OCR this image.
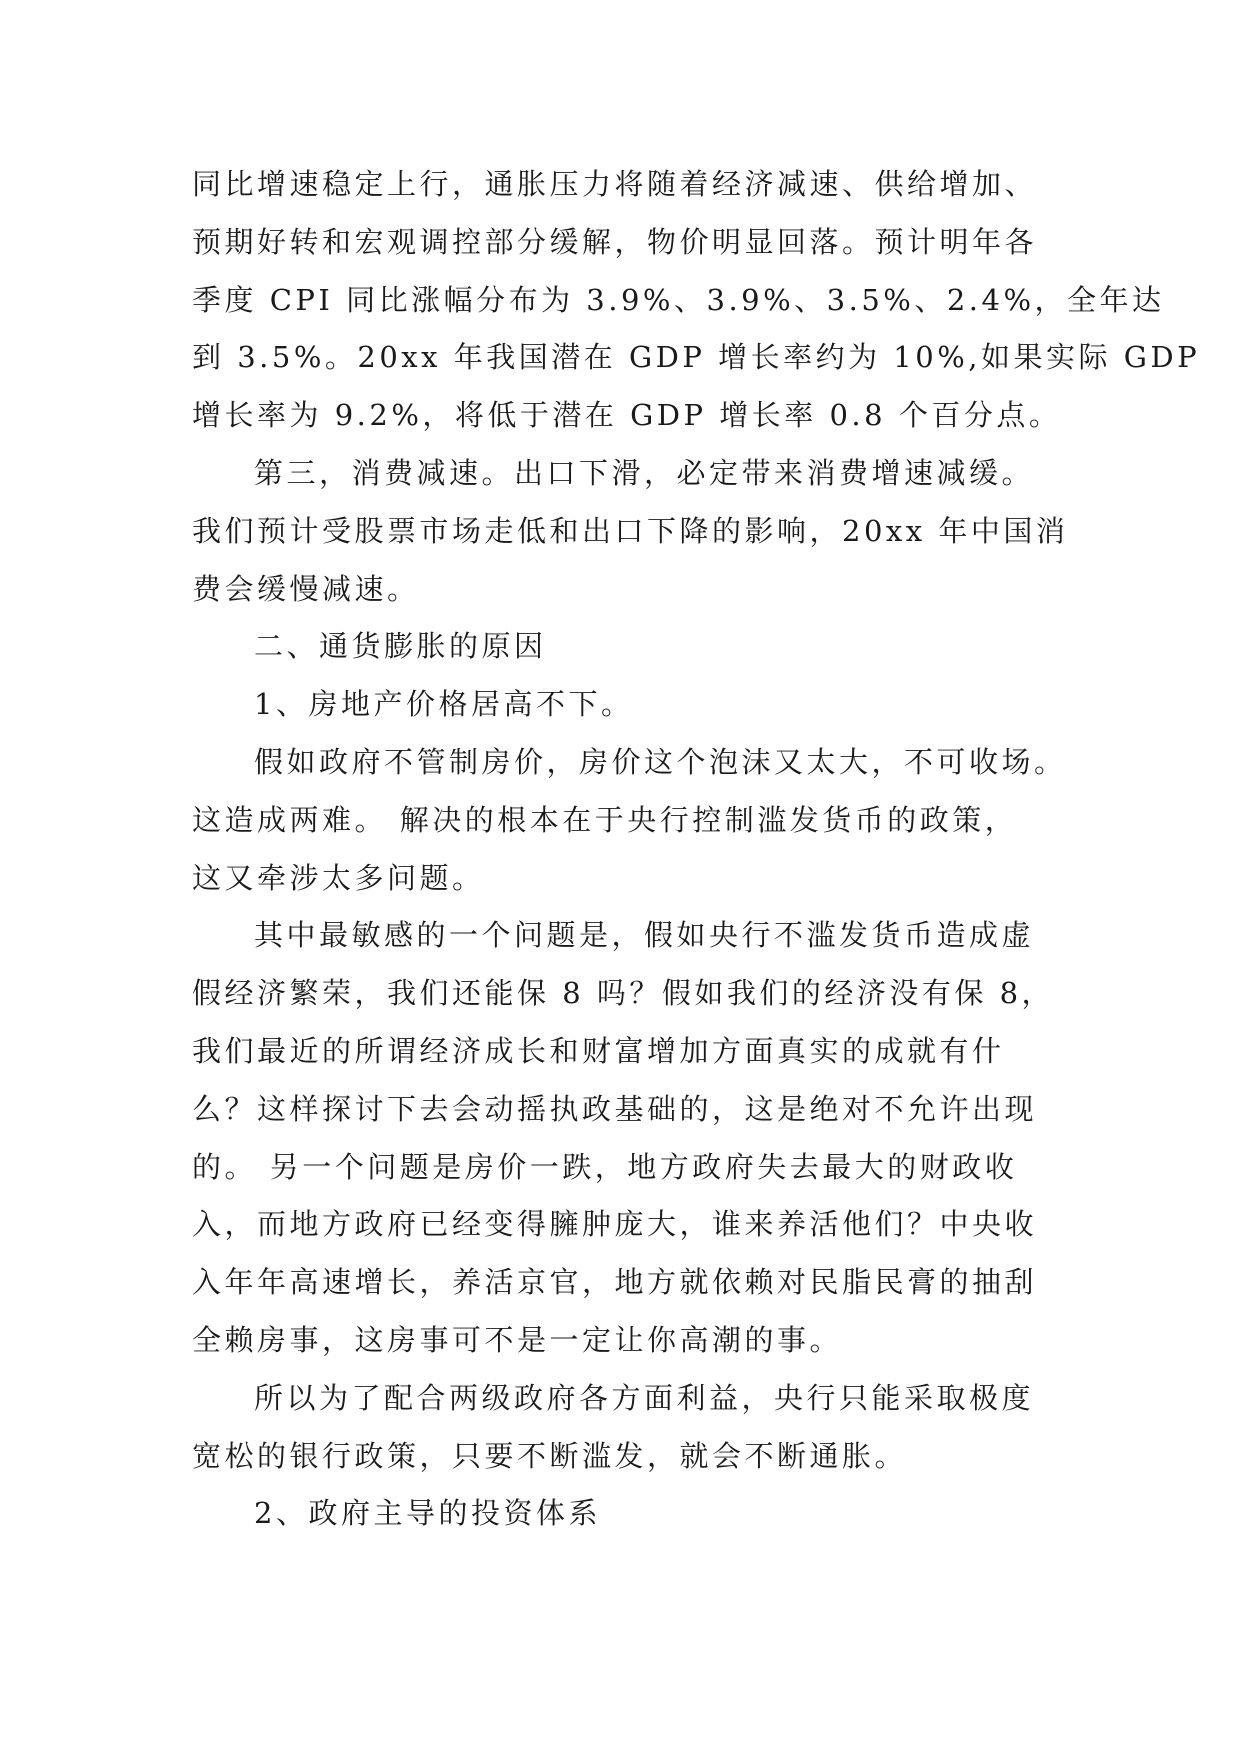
同比增速稳定上行，通胀压力将随着经济减速、供给增加、
预期好转和宏观调控部分缓解，物价明显回落。预计明年各
季度 CPI 同比涨幅分布为 3.9%、3.9%、3.5%、2.4%，全年达
到 3.5%。20xx 年我国潜在 GDP 增长率约为 10%,如果实际 GDP
增长率为 9.2%，将低于潜在 GDP 增长率 0.8 个百分点。
第三，消费减速。出口下滑，必定带来消费增速减缓。
我们预计受股票市场走低和出口下降的影响，20xx 年中国消
费会缓慢减速。
二、通货膨胀的原因
1、房地产价格居高不下。
假如政府不管制房价，房价这个泡沫又太大，不可收场。
这造成两难。 解决的根本在于央行控制滥发货币的政策，
这又牵涉太多问题。
其中最敏感的一个问题是，假如央行不滥发货币造成虚
假经济繁荣，我们还能保 8 吗？假如我们的经济没有保 8，
我们最近的所谓经济成长和财富增加方面真实的成就有什
么？这样探讨下去会动摇执政基础的，这是绝对不允许出现
的。 另一个问题是房价一跌，地方政府失去最大的财政收
入，而地方政府已经变得臃肿庞大，谁来养活他们？中央收
入年年高速增长，养活京官，地方就依赖对民脂民膏的抽刮
全赖房事，这房事可不是一定让你高潮的事。
所以为了配合两级政府各方面利益，央行只能采取极度
宽松的银行政策，只要不断滥发，就会不断通胀。
2、政府主导的投资体系
